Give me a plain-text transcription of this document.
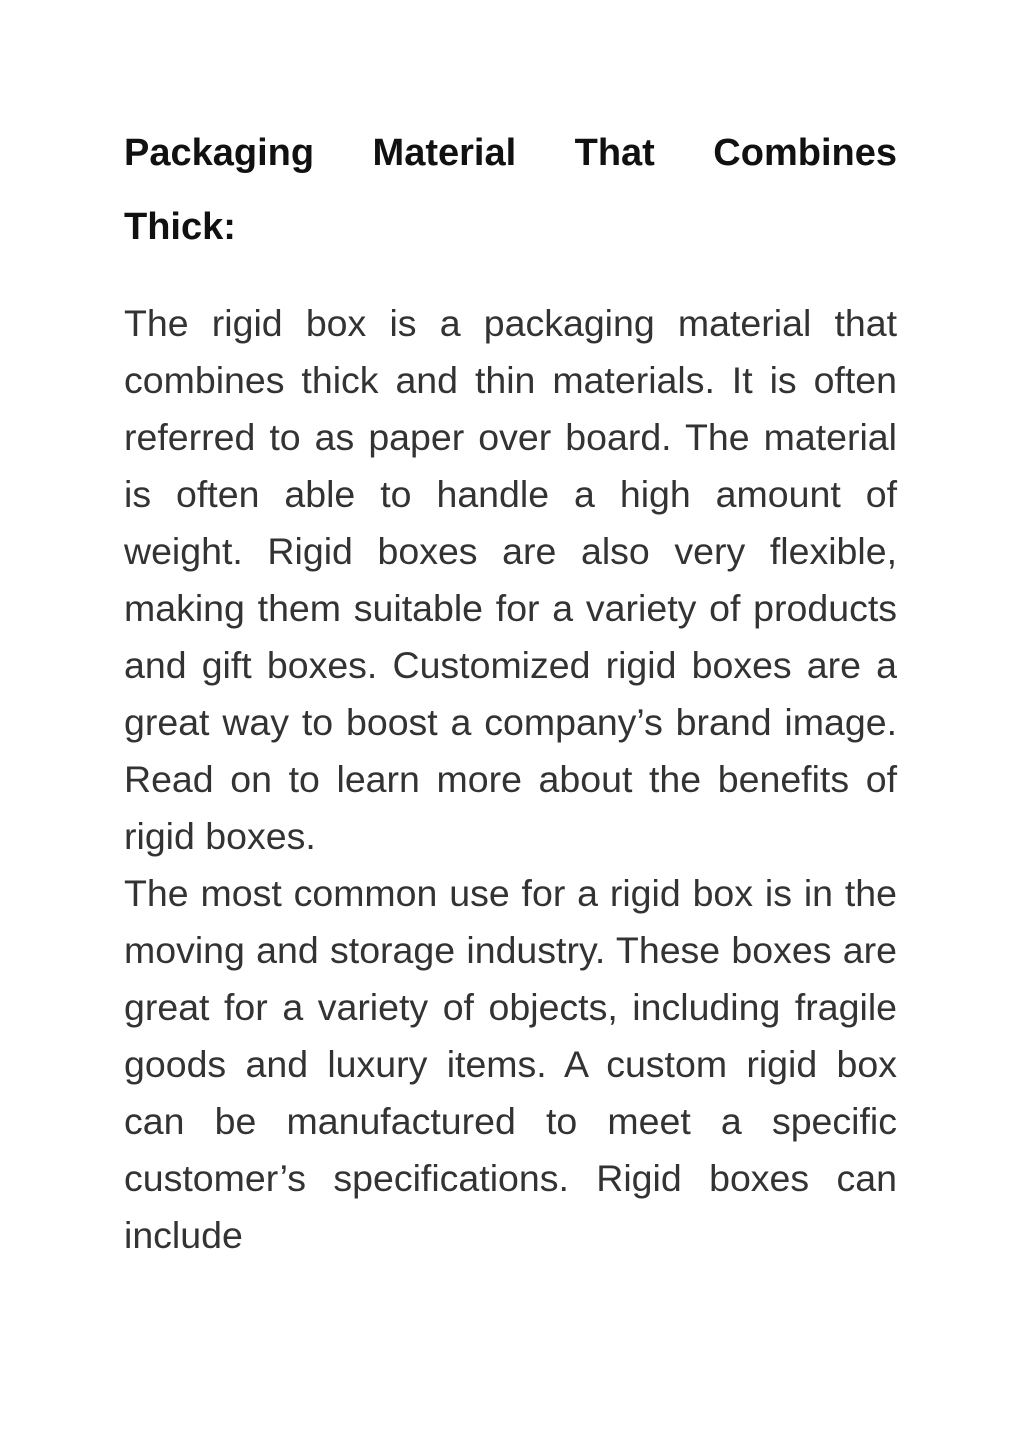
Packaging Material That Combines
Thick:

The rigid box is a packaging material that combines thick and thin materials. It is often referred to as paper over board. The material is often able to handle a high amount of weight. Rigid boxes are also very flexible, making them suitable for a variety of products and gift boxes. Customized rigid boxes are a great way to boost a company’s brand image. Read on to learn more about the benefits of rigid boxes.

The most common use for a rigid box is in the moving and storage industry. These boxes are great for a variety of objects, including fragile goods and luxury items. A custom rigid box can be manufactured to meet a specific customer’s specifications. Rigid boxes can include
